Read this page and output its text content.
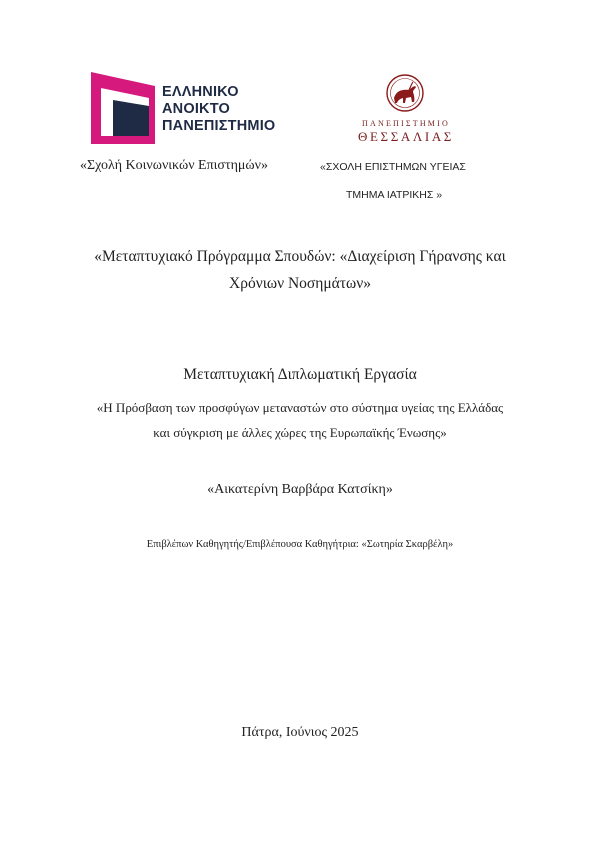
ΕΛΛΗΝΙΚΟ
ΑΝΟΙΚΤΟ
ΠΑΝΕΠΙΣΤΗΜΙΟ	ΠΑΝΕΠΙΣΤΗΜΙΟ
ΘΕΣΣΑΛΙΑΣ
«Σχολή Κοινωνικών Επιστημών»	«ΣΧΟΛΗ ΕΠΙΣΤΗΜΩΝ ΥΓΕΙΑΣ
ΤΜΗΜΑ ΙΑΤΡΙΚΗΣ »
«Μεταπτυχιακό Πρόγραμμα Σπουδών: «Διαχείριση Γήρανσης και
Χρόνιων Νοσημάτων»
Μεταπτυχιακή Διπλωματική Εργασία
«Η Πρόσβαση των προσφύγων μεταναστών στο σύστημα υγείας της Ελλάδας
και σύγκριση με άλλες χώρες της Ευρωπαϊκής Ένωσης»
«Αικατερίνη Βαρβάρα Κατσίκη»
Επιβλέπων Καθηγητής/Επιβλέπουσα Καθηγήτρια: «Σωτηρία Σκαρβέλη»
Πάτρα, Ιούνιος 2025
